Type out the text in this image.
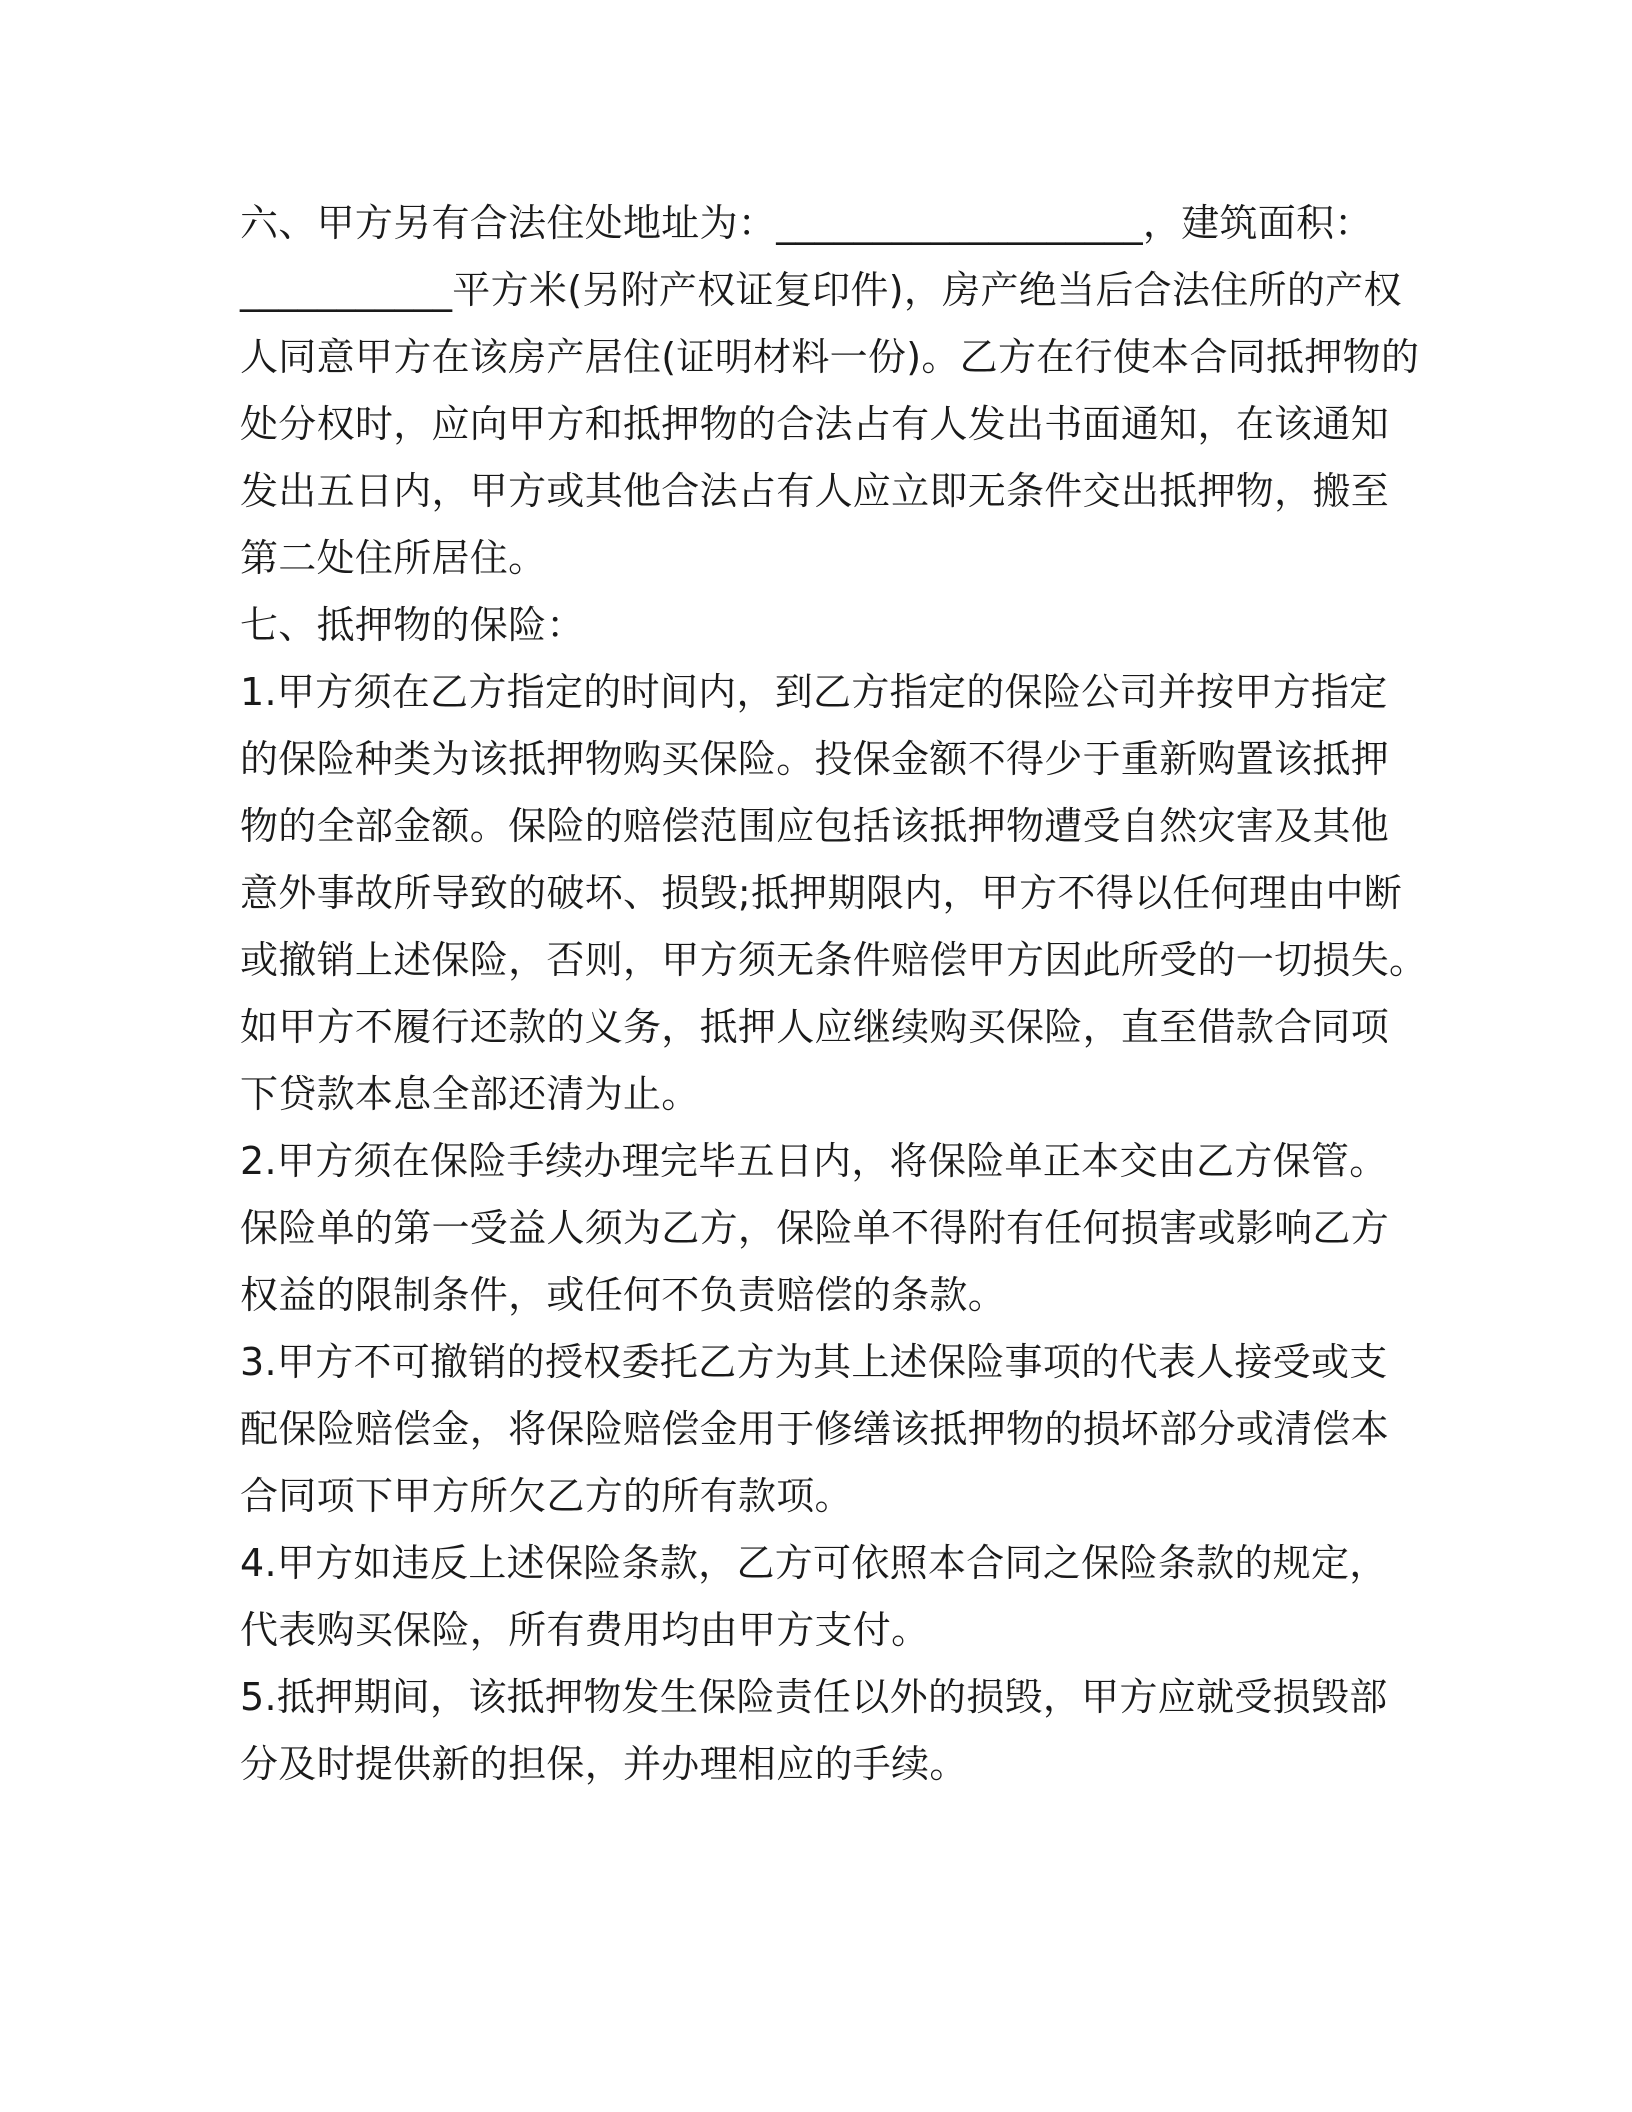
六、甲方另有合法住处地址为：___________________，建筑面积：
___________平方米(另附产权证复印件)，房产绝当后合法住所的产权
人同意甲方在该房产居住(证明材料一份)。乙方在行使本合同抵押物的
处分权时，应向甲方和抵押物的合法占有人发出书面通知，在该通知
发出五日内，甲方或其他合法占有人应立即无条件交出抵押物，搬至
第二处住所居住。
七、抵押物的保险：
1.甲方须在乙方指定的时间内，到乙方指定的保险公司并按甲方指定
的保险种类为该抵押物购买保险。投保金额不得少于重新购置该抵押
物的全部金额。保险的赔偿范围应包括该抵押物遭受自然灾害及其他
意外事故所导致的破坏、损毁;抵押期限内，甲方不得以任何理由中断
或撤销上述保险，否则，甲方须无条件赔偿甲方因此所受的一切损失。
如甲方不履行还款的义务，抵押人应继续购买保险，直至借款合同项
下贷款本息全部还清为止。
2.甲方须在保险手续办理完毕五日内，将保险单正本交由乙方保管。
保险单的第一受益人须为乙方，保险单不得附有任何损害或影响乙方
权益的限制条件，或任何不负责赔偿的条款。
3.甲方不可撤销的授权委托乙方为其上述保险事项的代表人接受或支
配保险赔偿金，将保险赔偿金用于修缮该抵押物的损坏部分或清偿本
合同项下甲方所欠乙方的所有款项。
4.甲方如违反上述保险条款，乙方可依照本合同之保险条款的规定，
代表购买保险，所有费用均由甲方支付。
5.抵押期间，该抵押物发生保险责任以外的损毁，甲方应就受损毁部
分及时提供新的担保，并办理相应的手续。
